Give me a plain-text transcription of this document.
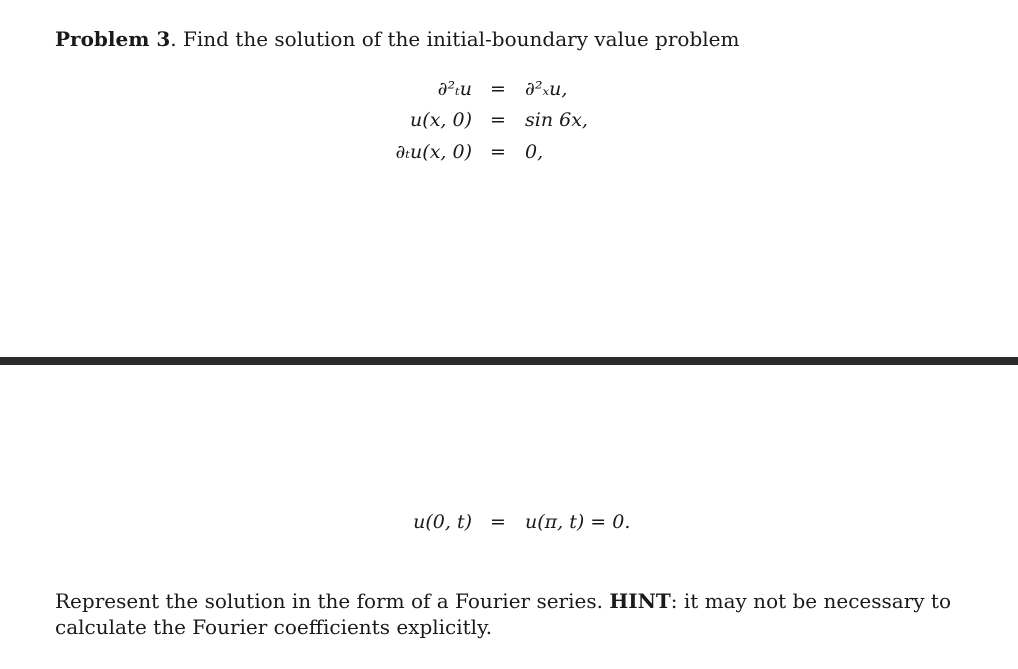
Problem 3. Find the solution of the initial-boundary value problem
∂²ₜu = ∂²ₓu,
u(x, 0) = sin 6x,
∂ₜu(x, 0) = 0,
u(0, t) = u(π, t) = 0.
Represent the solution in the form of a Fourier series. HINT: it may not be necessary to calculate the Fourier coefficients explicitly.
